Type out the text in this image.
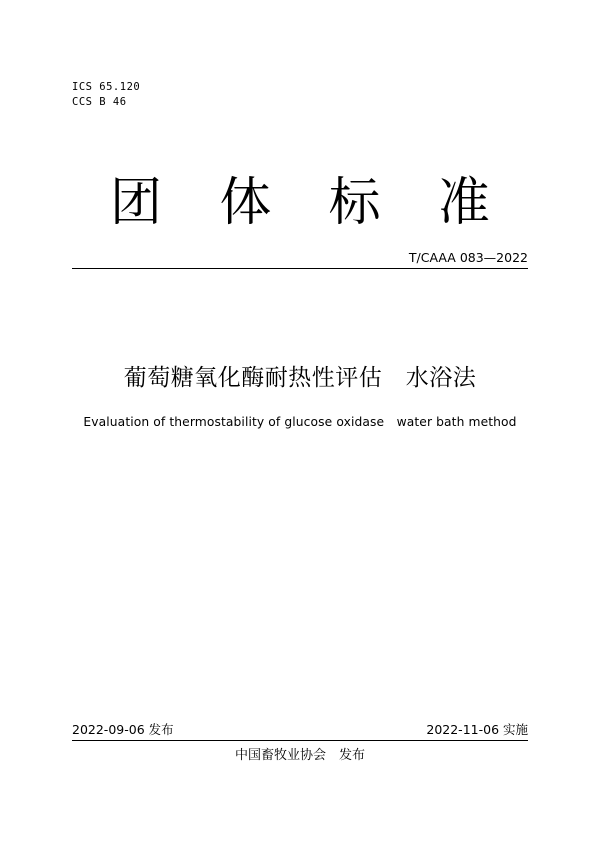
ICS 65.120
CCS B 46
团 体 标 准
T/CAAA 083—2022
葡萄糖氧化酶耐热性评估　水浴法
Evaluation of thermostability of glucose oxidase　water bath method
2022-09-06 发布	2022-11-06 实施
中国畜牧业协会　发布
